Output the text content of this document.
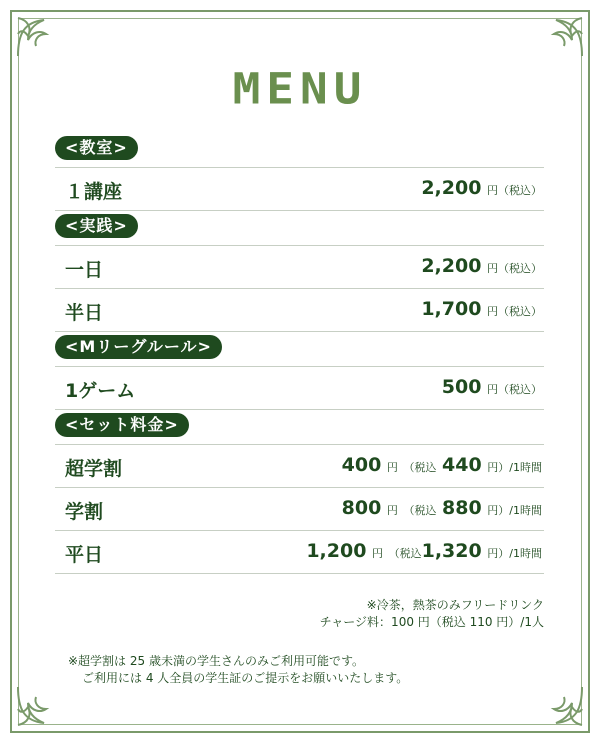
MENU
<教室>
１講座	2,200 円（税込）
<実践>
一日	2,200 円（税込）
半日	1,700 円（税込）
<Mリーグルール>
1ゲーム	500 円（税込）
<セット料金>
超学割	400 円 （税込 440 円）/1時間
学割	800 円 （税込 880 円）/1時間
平日	1,200 円 （税込1,320 円）/1時間
※冷茶，熱茶のみフリードリンク
チャージ料：100 円（税込 110 円）/1人
※超学割は 25 歳未満の学生さんのみご利用可能です。
ご利用には 4 人全員の学生証のご提示をお願いいたします。
